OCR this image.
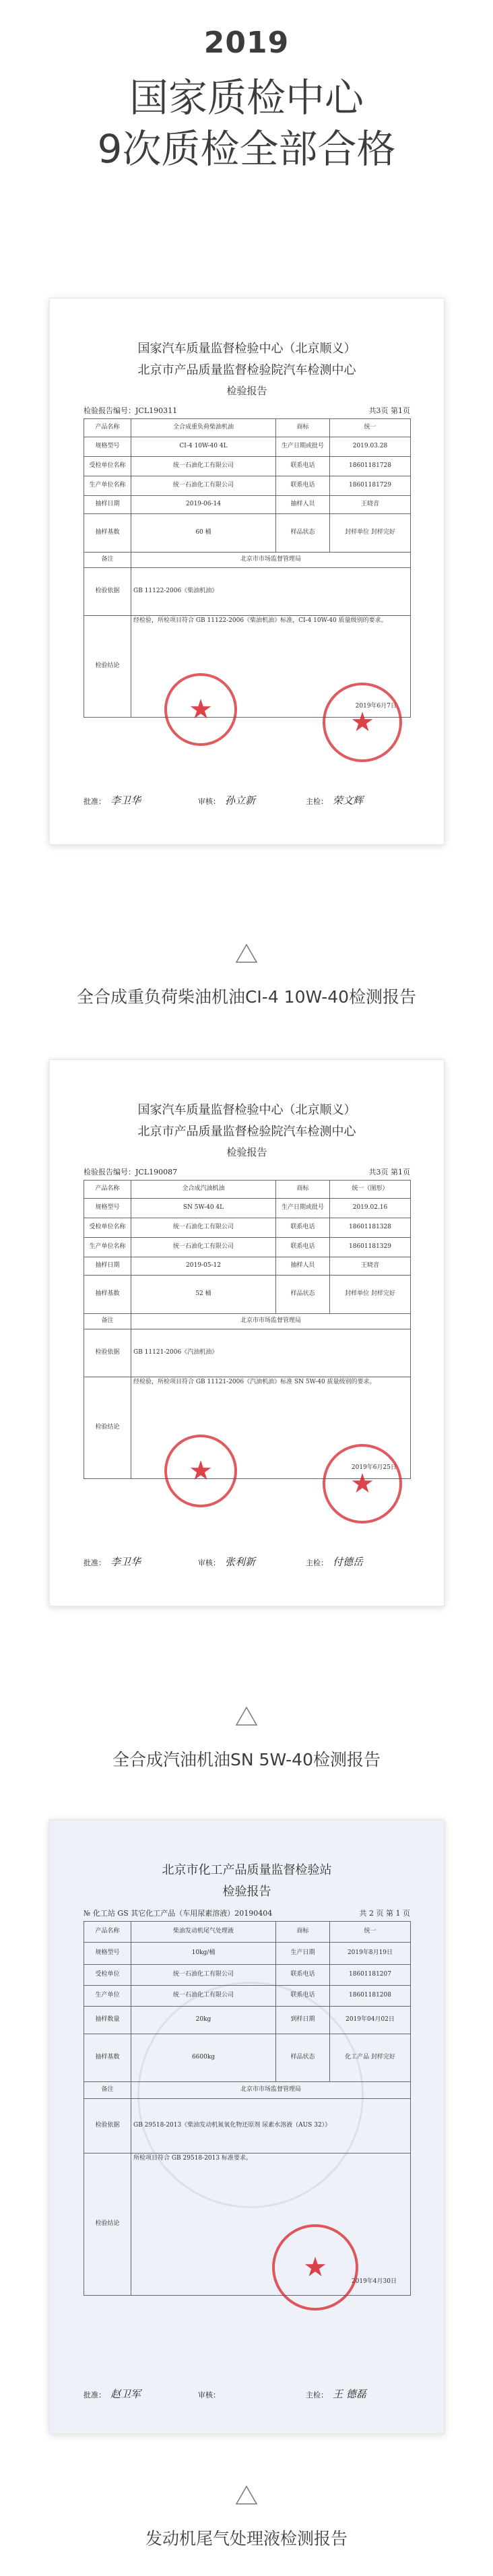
2019
国家质检中心
9次质检全部合格
国家汽车质量监督检验中心（北京顺义）
北京市产品质量监督检验院汽车检测中心
检验报告
检验报告编号：JCL190311	共3页 第1页
产品名称	全合成重负荷柴油机油	商标	统一
规格型号	CI-4 10W-40 4L	生产日期或批号	2019.03.28
受检单位名称	统一石油化工有限公司	联系电话	18601181728
生产单位名称	统一石油化工有限公司	联系电话	18601181729
抽样日期	2019-06-14	抽样人员	王晓音
抽样基数	60 桶	样品状态	封样单位 封样完好
备注	北京市市场监督管理局
检验依据	GB 11122-2006《柴油机油》
检验结论
经检验，所检项目符合 GB 11122-2006《柴油机油》标准，CI-4 10W-40 质量级别的要求。
2019年6月7日
★	★
批准： 李卫华	审核： 孙立新	主检： 荣文辉
全合成重负荷柴油机油CI-4 10W-40检测报告
国家汽车质量监督检验中心（北京顺义）
北京市产品质量监督检验院汽车检测中心
检验报告
检验报告编号：JCL190087	共3页 第1页
产品名称	全合成汽油机油	商标	统一（图形）
规格型号	SN 5W-40 4L	生产日期或批号	2019.02.16
受检单位名称	统一石油化工有限公司	联系电话	18601181328
生产单位名称	统一石油化工有限公司	联系电话	18601181329
抽样日期	2019-05-12	抽样人员	王晓音
抽样基数	52 桶	样品状态	封样单位 封样完好
备注	北京市市场监督管理局
检验依据	GB 11121-2006《汽油机油》
检验结论
经检验，所检项目符合 GB 11121-2006《汽油机油》标准 SN 5W-40 质量级别的要求。
2019年6月25日
★	★
批准： 李卫华	审核： 张利新	主检： 付德岳
全合成汽油机油SN 5W-40检测报告
北京市化工产品质量监督检验站
检验报告
№ 化工站 GS 其它化工产品（车用尿素溶液）20190404	共 2 页 第 1 页
产品名称	柴油发动机尾气处理液	商标	统一
规格型号	10kg/桶	生产日期	2019年8月19日
受检单位	统一石油化工有限公司	联系电话	18601181207
生产单位	统一石油化工有限公司	联系电话	18601181208
抽样数量	20kg	到样日期	2019年04月02日
抽样基数	6600kg	样品状态	化工产品 封样完好
备注	北京市市场监督管理局
检验依据	GB 29518-2013《柴油发动机氮氧化物还原剂 尿素水溶液（AUS 32）》
检验结论
所检项目符合 GB 29518-2013 标准要求。
2019年4月30日
★
批准： 赵卫军	审核：	主检： 王 德磊
发动机尾气处理液检测报告
